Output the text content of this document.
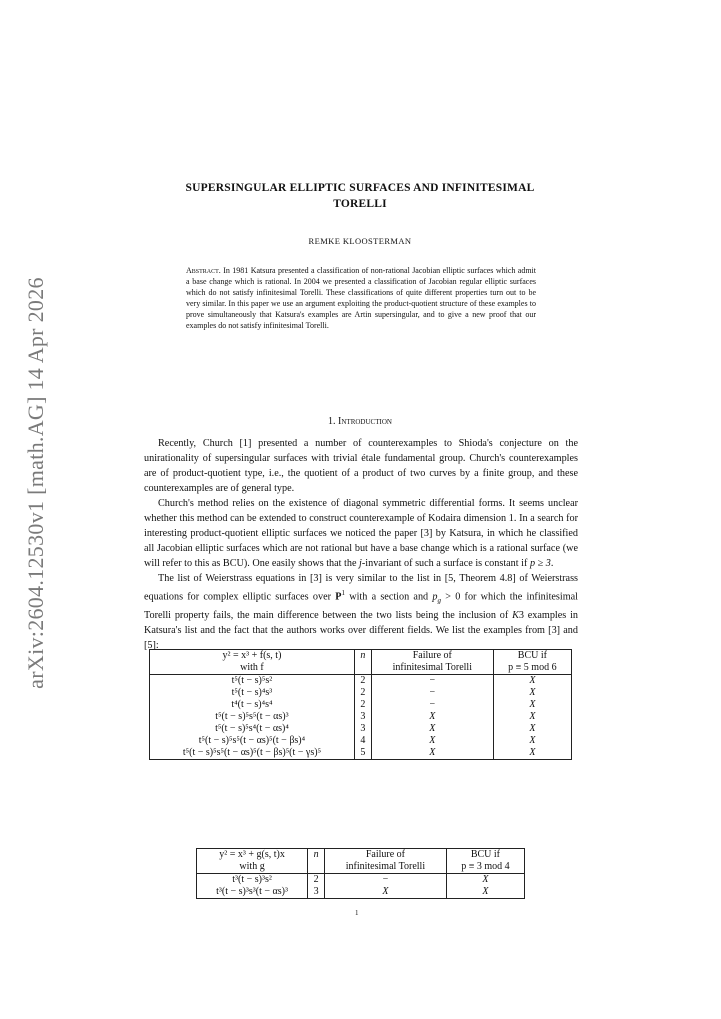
arXiv:2604.12530v1 [math.AG] 14 Apr 2026
SUPERSINGULAR ELLIPTIC SURFACES AND INFINITESIMAL
TORELLI
REMKE KLOOSTERMAN
Abstract. In 1981 Katsura presented a classification of non-rational Jacobian elliptic surfaces which admit a base change which is rational. In 2004 we presented a classification of Jacobian regular elliptic surfaces which do not satisfy infinitesimal Torelli. These classifications of quite different properties turn out to be very similar. In this paper we use an argument exploiting the product-quotient structure of these examples to prove simultaneously that Katsura's examples are Artin supersingular, and to give a new proof that our examples do not satisfy infinitesimal Torelli.
1. Introduction

Recently, Church [1] presented a number of counterexamples to Shioda's conjecture on the unirationality of supersingular surfaces with trivial étale fundamental group. Church's counterexamples are of product-quotient type, i.e., the quotient of a product of two curves by a finite group, and these counterexamples are of general type.

Church's method relies on the existence of diagonal symmetric differential forms. It seems unclear whether this method can be extended to construct counterexample of Kodaira dimension 1. In a search for interesting product-quotient elliptic surfaces we noticed the paper [3] by Katsura, in which he classified all Jacobian elliptic surfaces which are not rational but have a base change which is a rational surface (we will refer to this as BCU). One easily shows that the j-invariant of such a surface is constant if p ≥ 3.

The list of Weierstrass equations in [3] is very similar to the list in [5, Theorem 4.8] of Weierstrass equations for complex elliptic surfaces over $P^1$ with a section and $p_g > 0$ for which the infinitesimal Torelli property fails, the main difference between the two lists being the inclusion of K3 examples in Katsura's list and the fact that the authors works over different fields. We list the examples from [3] and [5]:

y² = x³ + f(s, t)	n	Failure of	BCU if
with f		infinitesimal Torelli	p ≡ 5 mod 6
t⁵(t − s)⁵s²	2	−	X
t⁵(t − s)⁴s³	2	−	X
t⁴(t − s)⁴s⁴	2	−	X
t⁵(t − s)⁵s⁵(t − αs)³	3	X	X
t⁵(t − s)⁵s⁴(t − αs)⁴	3	X	X
t⁵(t − s)⁵s⁵(t − αs)⁵(t − βs)⁴	4	X	X
t⁵(t − s)⁵s⁵(t − αs)⁵(t − βs)⁵(t − γs)⁵	5	X	X
y² = x³ + g(s, t)x	n	Failure of	BCU if
with g		infinitesimal Torelli	p ≡ 3 mod 4
t³(t − s)³s²	2	−	X
t³(t − s)³s³(t − αs)³	3	X	X
1
